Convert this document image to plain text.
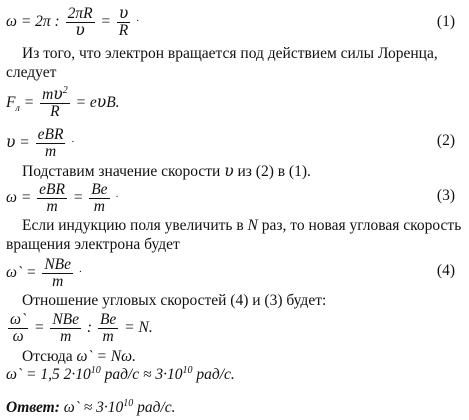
ω = 2π : $\frac{2\pi R}{\text{𝜐}} = \frac{\text{𝜐}}{R}$ ·	(1)
Из того, что электрон вращается под действием силы Лоренца,
следует
$F_л = \frac{m𝜐^2}{R}$ = e𝜐B.
𝜐 = $\frac{\text{eBR}}{m}$ ·	(2)
Подставим значение скорости 𝜐 из (2) в (1).
$\omega = \frac{\text{eBR}}{m} = \frac{Be}{m}$ ·	(3)
Если индукцию поля увеличить в N раз, то новая угловая скорость
вращения электрона будет
ω` = $\frac{\text{NBe}}{m}$ ·	(4)
Отношение угловых скоростей (4) и (3) будет:
$\frac{\omega`}{\omega} = \frac{\text{NBe}}{m}$ : $\frac{Be}{m} = N$.
Отсюда ω` = Nω.
ω` = 1,5 $2\cdot 10^{10}$ $рад/с \approx 3\cdot 10^{10}$ рад/с.
Ответ: ω` ≈ $3\cdot 10^{10}$ рад/с.
